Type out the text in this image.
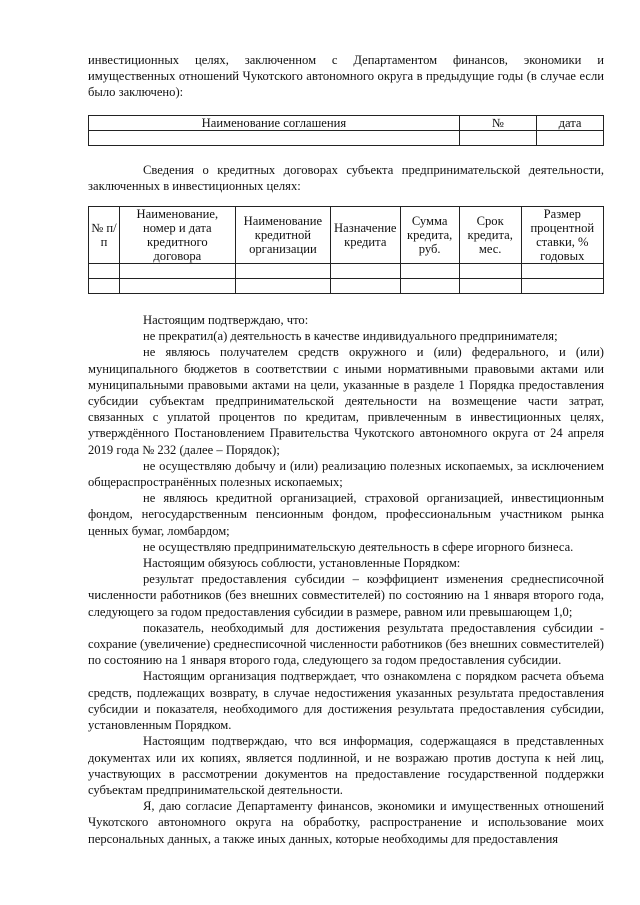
инвестиционных целях, заключенном с Департаментом финансов, экономики и имущественных отношений Чукотского автономного округа в предыдущие годы (в случае если было заключено):

Наименование соглашения	№	дата

Сведения о кредитных договорах субъекта предпринимательской деятельности, заключенных в инвестиционных целях:

№ п/п	Наименование, номер и дата кредитного договора	Наименование кредитной организации	Назначение кредита	Сумма кредита, руб.	Срок кредита, мес.	Размер процентной ставки, % годовых

Настоящим подтверждаю, что:

не прекратил(а) деятельность в качестве индивидуального предпринимателя;

не являюсь получателем средств окружного и (или) федерального, и (или) муниципального бюджетов в соответствии с иными нормативными правовыми актами или муниципальными правовыми актами на цели, указанные в разделе 1 Порядка предоставления субсидии субъектам предпринимательской деятельности на возмещение части затрат, связанных с уплатой процентов по кредитам, привлеченным в инвестиционных целях, утверждённого Постановлением Правительства Чукотского автономного округа от 24 апреля 2019 года № 232 (далее – Порядок);

не осуществляю добычу и (или) реализацию полезных ископаемых, за исключением общераспространённых полезных ископаемых;

не являюсь кредитной организацией, страховой организацией, инвестиционным фондом, негосударственным пенсионным фондом, профессиональным участником рынка ценных бумаг, ломбардом;

не осуществляю предпринимательскую деятельность в сфере игорного бизнеса.

Настоящим обязуюсь соблюсти, установленные Порядком:

результат предоставления субсидии – коэффициент изменения среднесписочной численности работников (без внешних совместителей) по состоянию на 1 января второго года, следующего за годом предоставления субсидии в размере, равном или превышающем 1,0;

показатель, необходимый для достижения результата предоставления субсидии - сохрание (увеличение) среднесписочной численности работников (без внешних совместителей) по состоянию на 1 января второго года, следующего за годом предоставления субсидии.

Настоящим организация подтверждает, что ознакомлена с порядком расчета объема средств, подлежащих возврату, в случае недостижения указанных результата предоставления субсидии и показателя, необходимого для достижения результата предоставления субсидии, установленным Порядком.

Настоящим подтверждаю, что вся информация, содержащаяся в представленных документах или их копиях, является подлинной, и не возражаю против доступа к ней лиц, участвующих в рассмотрении документов на предоставление государственной поддержки субъектам предпринимательской деятельности.

Я, даю согласие Департаменту финансов, экономики и имущественных отношений Чукотского автономного округа на обработку, распространение и использование моих персональных данных, а также иных данных, которые необходимы для предоставления
